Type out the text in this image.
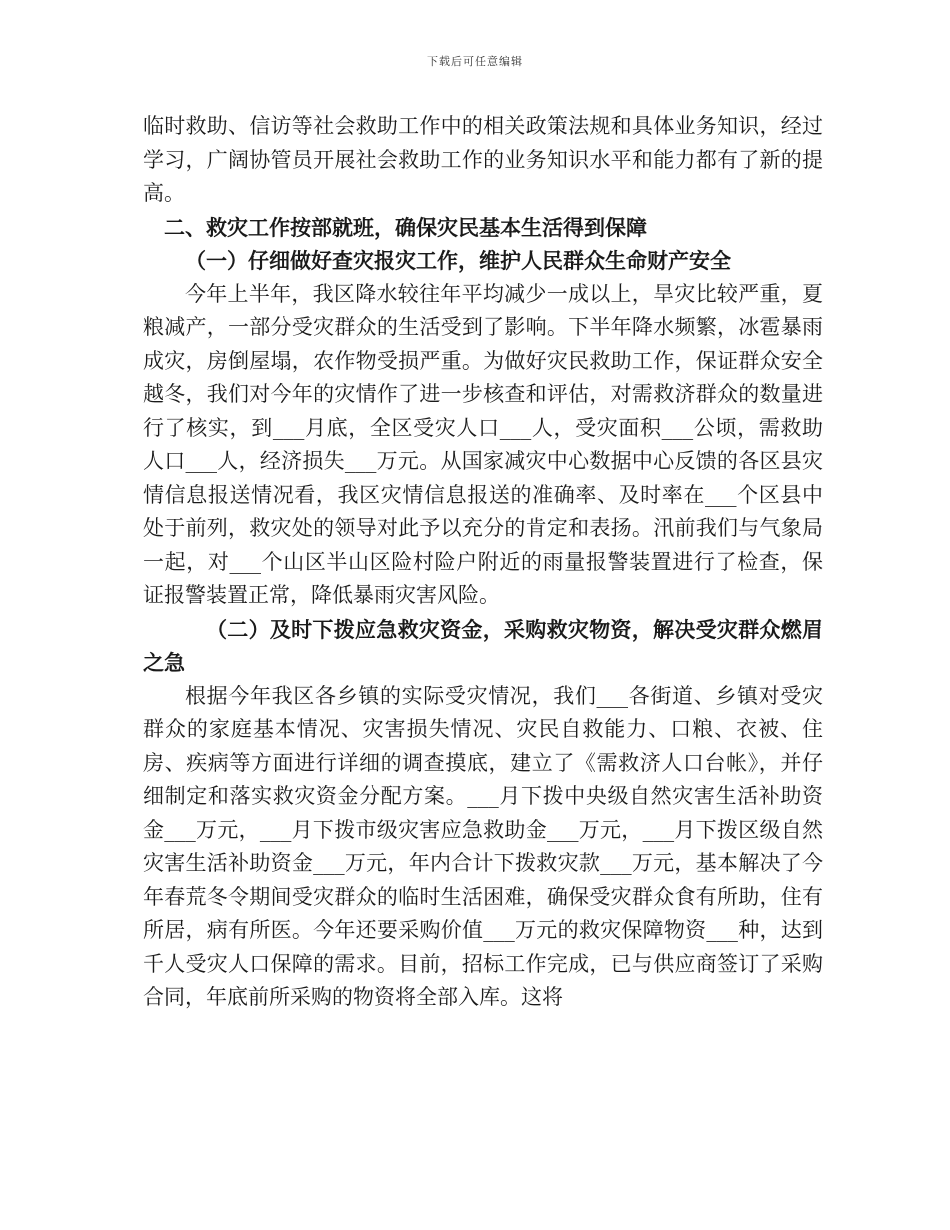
下载后可任意编辑

临时救助、信访等社会救助工作中的相关政策法规和具体业务知识，经过学习，广阔协管员开展社会救助工作的业务知识水平和能力都有了新的提高。

二、救灾工作按部就班，确保灾民基本生活得到保障

（一）仔细做好查灾报灾工作，维护人民群众生命财产安全

今年上半年，我区降水较往年平均减少一成以上，旱灾比较严重，夏粮减产，一部分受灾群众的生活受到了影响。下半年降水频繁，冰雹暴雨成灾，房倒屋塌，农作物受损严重。为做好灾民救助工作，保证群众安全越冬，我们对今年的灾情作了进一步核查和评估，对需救济群众的数量进行了核实，到___月底，全区受灾人口___人，受灾面积___公顷，需救助人口___人，经济损失___万元。从国家减灾中心数据中心反馈的各区县灾情信息报送情况看，我区灾情信息报送的准确率、及时率在___个区县中处于前列，救灾处的领导对此予以充分的肯定和表扬。汛前我们与气象局一起，对___个山区半山区险村险户附近的雨量报警装置进行了检查，保证报警装置正常，降低暴雨灾害风险。

（二）及时下拨应急救灾资金，采购救灾物资，解决受灾群众燃眉之急

根据今年我区各乡镇的实际受灾情况，我们___各街道、乡镇对受灾群众的家庭基本情况、灾害损失情况、灾民自救能力、口粮、衣被、住房、疾病等方面进行详细的调查摸底，建立了《需救济人口台帐》，并仔细制定和落实救灾资金分配方案。___月下拨中央级自然灾害生活补助资金___万元，___月下拨市级灾害应急救助金___万元，___月下拨区级自然灾害生活补助资金___万元，年内合计下拨救灾款___万元，基本解决了今年春荒冬令期间受灾群众的临时生活困难，确保受灾群众食有所助，住有所居，病有所医。今年还要采购价值___万元的救灾保障物资___种，达到千人受灾人口保障的需求。目前，招标工作完成，已与供应商签订了采购合同，年底前所采购的物资将全部入库。这将
